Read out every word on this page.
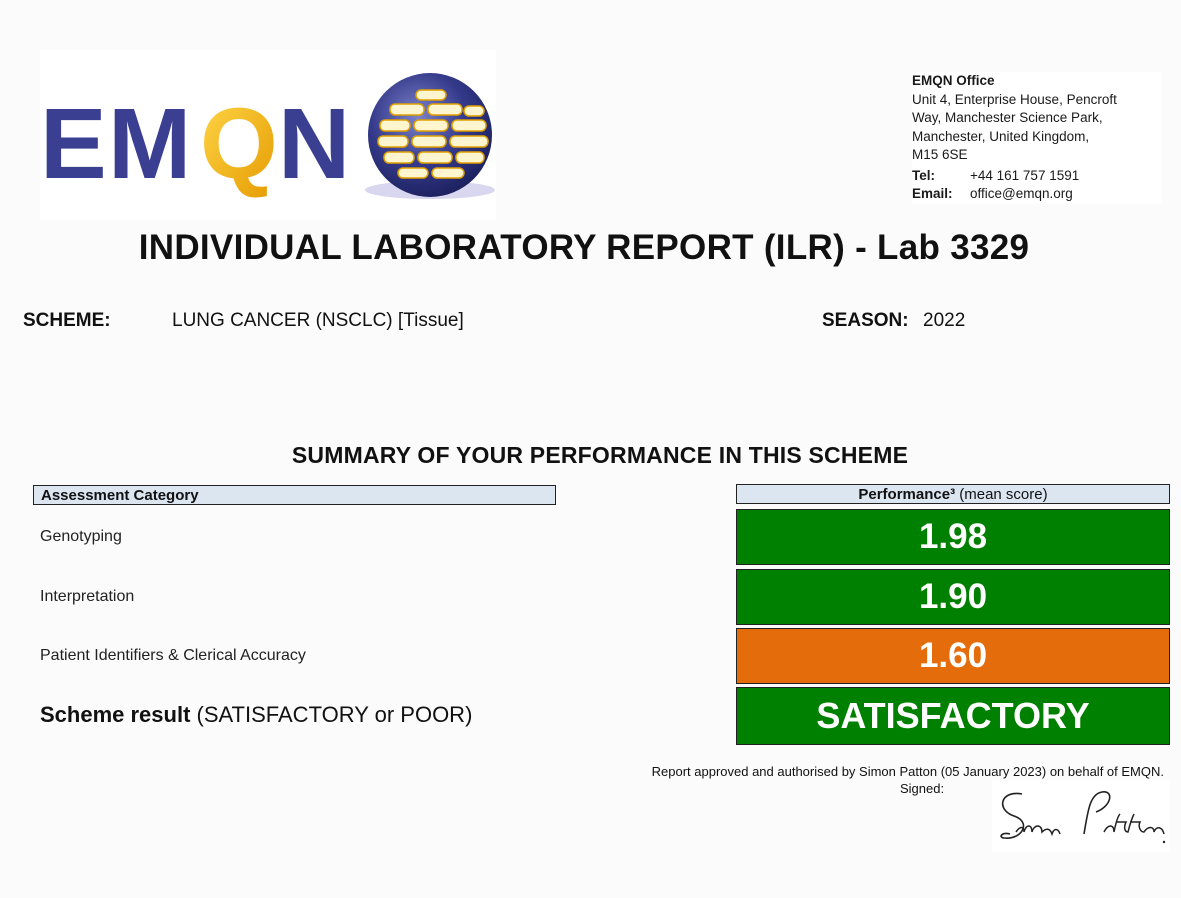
E M Q N
EMQN Office
Unit 4, Enterprise House, Pencroft
Way, Manchester Science Park,
Manchester, United Kingdom,
M15 6SE
Tel:	+44 161 757 1591
Email:	office@emqn.org
INDIVIDUAL LABORATORY REPORT (ILR) - Lab 3329
SCHEME:	LUNG CANCER (NSCLC) [Tissue]	SEASON: 2022
SUMMARY OF YOUR PERFORMANCE IN THIS SCHEME
Assessment Category	Performance³ (mean score)
Genotyping	1.98
Interpretation	1.90
Patient Identifiers & Clerical Accuracy	1.60
Scheme result (SATISFACTORY or POOR)	SATISFACTORY
Report approved and authorised by Simon Patton (05 January 2023) on behalf of EMQN.
Signed:
